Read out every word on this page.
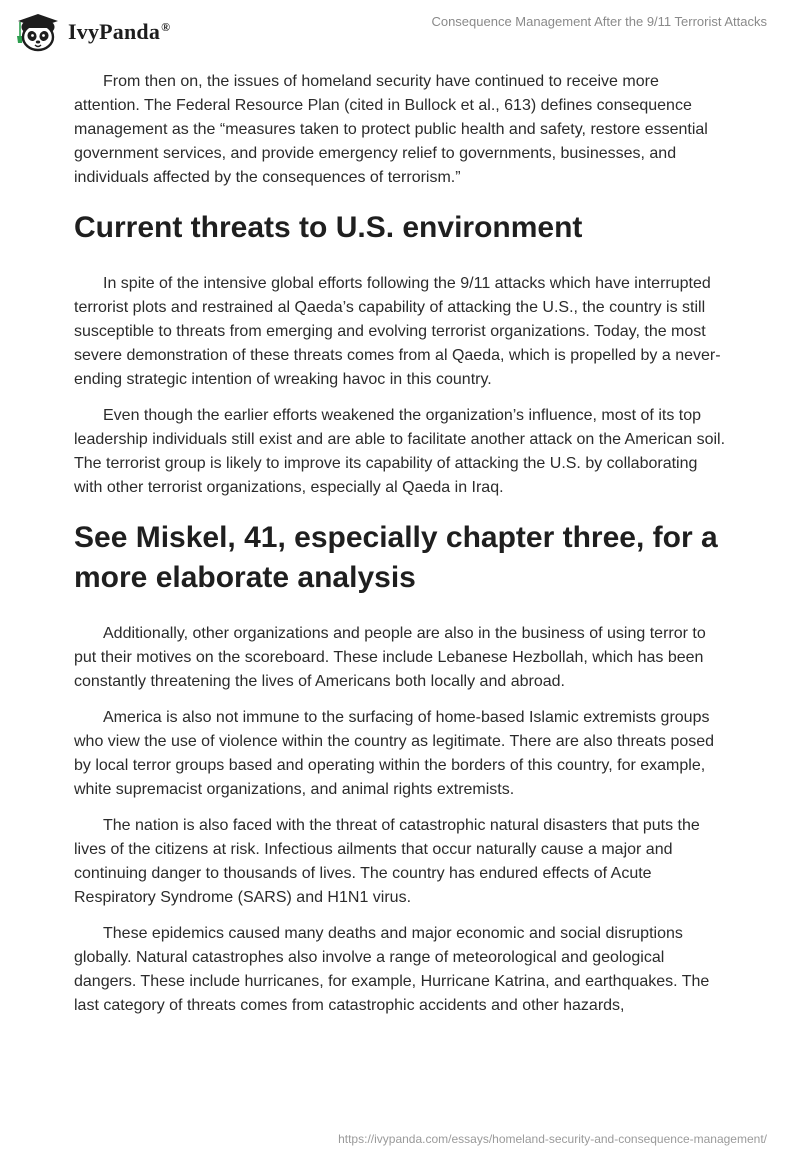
IvyPanda®	Consequence Management After the 9/11 Terrorist Attacks

From then on, the issues of homeland security have continued to receive more attention. The Federal Resource Plan (cited in Bullock et al., 613) defines consequence management as the “measures taken to protect public health and safety, restore essential government services, and provide emergency relief to governments, businesses, and individuals affected by the consequences of terrorism.”

Current threats to U.S. environment

In spite of the intensive global efforts following the 9/11 attacks which have interrupted terrorist plots and restrained al Qaeda’s capability of attacking the U.S., the country is still susceptible to threats from emerging and evolving terrorist organizations. Today, the most severe demonstration of these threats comes from al Qaeda, which is propelled by a never-ending strategic intention of wreaking havoc in this country.

Even though the earlier efforts weakened the organization’s influence, most of its top leadership individuals still exist and are able to facilitate another attack on the American soil. The terrorist group is likely to improve its capability of attacking the U.S. by collaborating with other terrorist organizations, especially al Qaeda in Iraq.

See Miskel, 41, especially chapter three, for a more elaborate analysis

Additionally, other organizations and people are also in the business of using terror to put their motives on the scoreboard. These include Lebanese Hezbollah, which has been constantly threatening the lives of Americans both locally and abroad.

America is also not immune to the surfacing of home-based Islamic extremists groups who view the use of violence within the country as legitimate. There are also threats posed by local terror groups based and operating within the borders of this country, for example, white supremacist organizations, and animal rights extremists.

The nation is also faced with the threat of catastrophic natural disasters that puts the lives of the citizens at risk. Infectious ailments that occur naturally cause a major and continuing danger to thousands of lives. The country has endured effects of Acute Respiratory Syndrome (SARS) and H1N1 virus.

These epidemics caused many deaths and major economic and social disruptions globally. Natural catastrophes also involve a range of meteorological and geological dangers. These include hurricanes, for example, Hurricane Katrina, and earthquakes. The last category of threats comes from catastrophic accidents and other hazards,

https://ivypanda.com/essays/homeland-security-and-consequence-management/
